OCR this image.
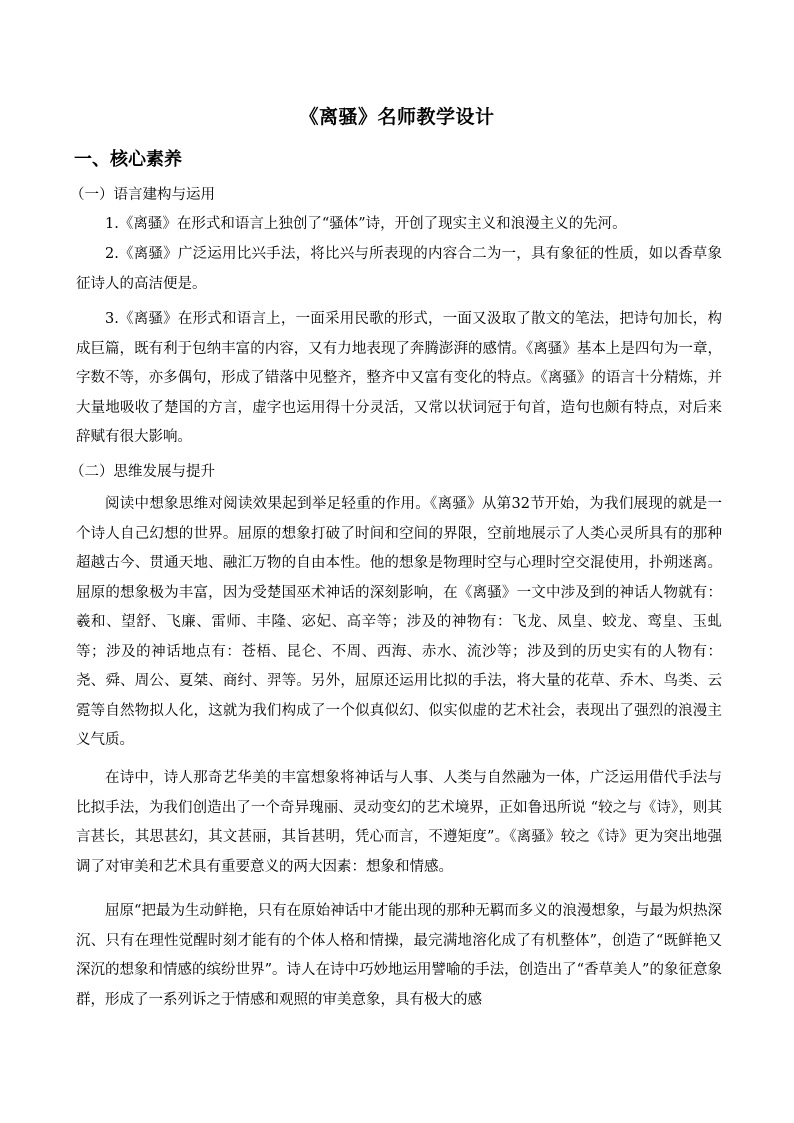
《离骚》名师教学设计
一、核心素养
（一）语言建构与运用
1.《离骚》在形式和语言上独创了“骚体”诗，开创了现实主义和浪漫主义的先河。
2.《离骚》广泛运用比兴手法，将比兴与所表现的内容合二为一，具有象征的性质，如以香草象征诗人的高洁便是。
3.《离骚》在形式和语言上，一面采用民歌的形式，一面又汲取了散文的笔法，把诗句加长，构成巨篇，既有利于包纳丰富的内容，又有力地表现了奔腾澎湃的感情。《离骚》基本上是四句为一章，字数不等，亦多偶句，形成了错落中见整齐，整齐中又富有变化的特点。《离骚》的语言十分精炼，并大量地吸收了楚国的方言，虚字也运用得十分灵活，又常以状词冠于句首，造句也颇有特点，对后来辞赋有很大影响。
（二）思维发展与提升
阅读中想象思维对阅读效果起到举足轻重的作用。《离骚》从第32节开始，为我们展现的就是一个诗人自己幻想的世界。屈原的想象打破了时间和空间的界限，空前地展示了人类心灵所具有的那种超越古今、贯通天地、融汇万物的自由本性。他的想象是物理时空与心理时空交混使用，扑朔迷离。屈原的想象极为丰富，因为受楚国巫术神话的深刻影响，在《离骚》一文中涉及到的神话人物就有：羲和、望舒、飞廉、雷师、丰隆、宓妃、高辛等；涉及的神物有：飞龙、凤皇、蛟龙、鸾皇、玉虬等；涉及的神话地点有：苍梧、昆仑、不周、西海、赤水、流沙等；涉及到的历史实有的人物有：尧、舜、周公、夏桀、商纣、羿等。另外，屈原还运用比拟的手法，将大量的花草、乔木、鸟类、云霓等自然物拟人化，这就为我们构成了一个似真似幻、似实似虚的艺术社会，表现出了强烈的浪漫主义气质。
在诗中，诗人那奇艺华美的丰富想象将神话与人事、人类与自然融为一体，广泛运用借代手法与比拟手法，为我们创造出了一个奇异瑰丽、灵动变幻的艺术境界，正如鲁迅所说 “较之与《诗》，则其言甚长，其思甚幻，其文甚丽，其旨甚明，凭心而言，不遵矩度”。《离骚》较之《诗》更为突出地强调了对审美和艺术具有重要意义的两大因素：想象和情感。
屈原“把最为生动鲜艳，只有在原始神话中才能出现的那种无羁而多义的浪漫想象，与最为炽热深沉、只有在理性觉醒时刻才能有的个体人格和情操，最完满地溶化成了有机整体”，创造了“既鲜艳又深沉的想象和情感的缤纷世界”。诗人在诗中巧妙地运用譬喻的手法，创造出了“香草美人”的象征意象群，形成了一系列诉之于情感和观照的审美意象，具有极大的感
